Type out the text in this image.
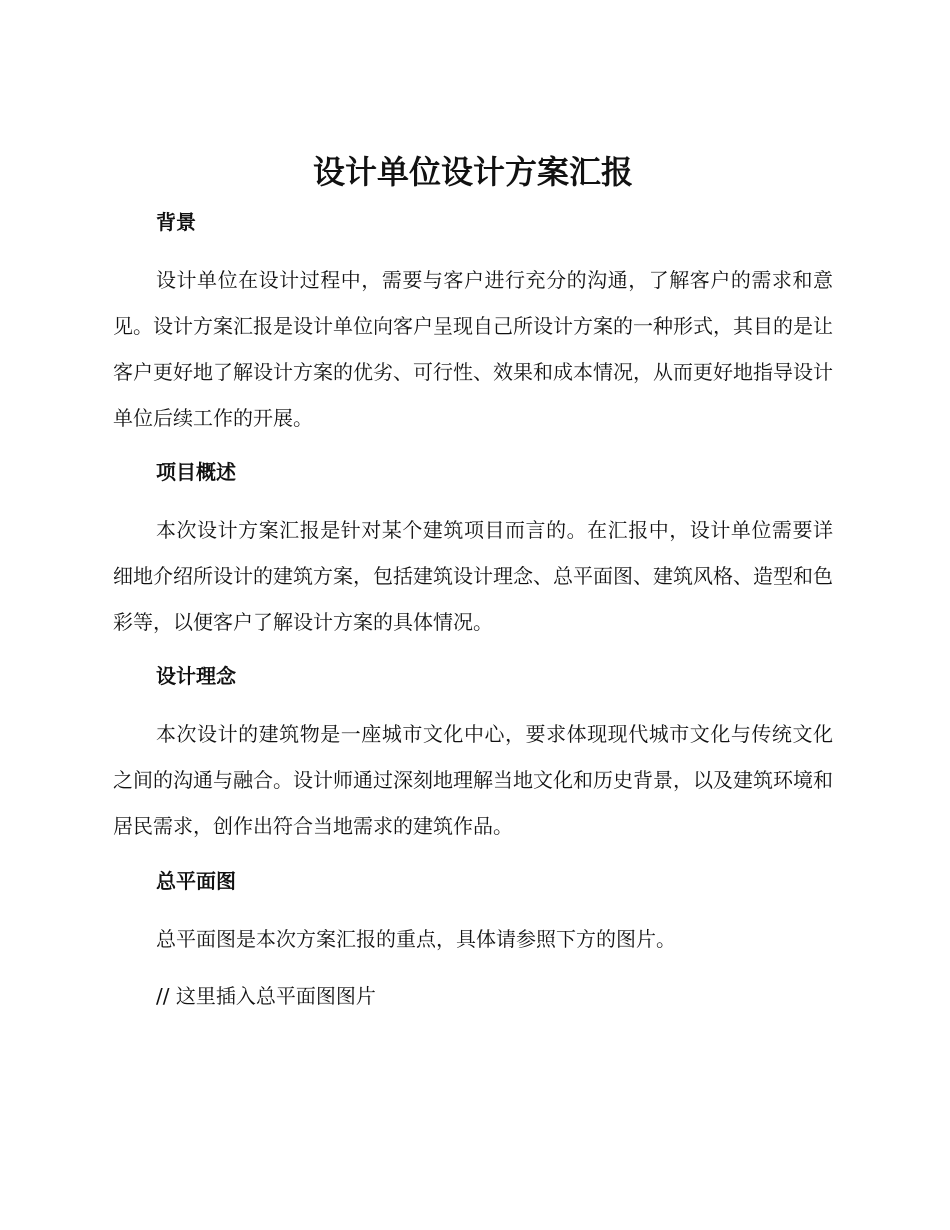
设计单位设计方案汇报
背景

设计单位在设计过程中，需要与客户进行充分的沟通，了解客户的需求和意见。设计方案汇报是设计单位向客户呈现自己所设计方案的一种形式，其目的是让客户更好地了解设计方案的优劣、可行性、效果和成本情况，从而更好地指导设计单位后续工作的开展。

项目概述

本次设计方案汇报是针对某个建筑项目而言的。在汇报中，设计单位需要详细地介绍所设计的建筑方案，包括建筑设计理念、总平面图、建筑风格、造型和色彩等，以便客户了解设计方案的具体情况。

设计理念

本次设计的建筑物是一座城市文化中心，要求体现现代城市文化与传统文化之间的沟通与融合。设计师通过深刻地理解当地文化和历史背景，以及建筑环境和居民需求，创作出符合当地需求的建筑作品。

总平面图

总平面图是本次方案汇报的重点，具体请参照下方的图片。

// 这里插入总平面图图片
